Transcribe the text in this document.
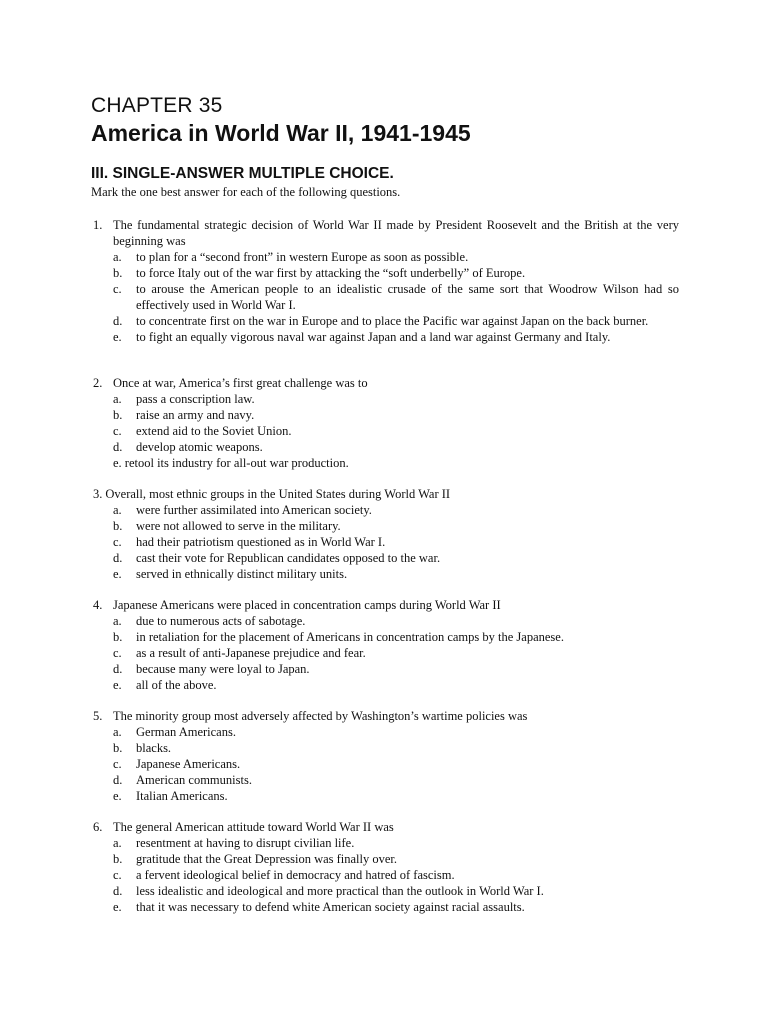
CHAPTER 35
America in World War II, 1941-1945
III. SINGLE-ANSWER MULTIPLE CHOICE.
Mark the one best answer for each of the following questions.
1. The fundamental strategic decision of World War II made by President Roosevelt and the British at the very beginning was
a. to plan for a “second front” in western Europe as soon as possible.
b. to force Italy out of the war first by attacking the “soft underbelly” of Europe.
c. to arouse the American people to an idealistic crusade of the same sort that Woodrow Wilson had so effectively used in World War I.
d. to concentrate first on the war in Europe and to place the Pacific war against Japan on the back burner.
e. to fight an equally vigorous naval war against Japan and a land war against Germany and Italy.
2. Once at war, America’s first great challenge was to
a. pass a conscription law.
b. raise an army and navy.
c. extend aid to the Soviet Union.
d. develop atomic weapons.
e. retool its industry for all-out war production.
3. Overall, most ethnic groups in the United States during World War II
a. were further assimilated into American society.
b. were not allowed to serve in the military.
c. had their patriotism questioned as in World War I.
d. cast their vote for Republican candidates opposed to the war.
e. served in ethnically distinct military units.
4. Japanese Americans were placed in concentration camps during World War II
a. due to numerous acts of sabotage.
b. in retaliation for the placement of Americans in concentration camps by the Japanese.
c. as a result of anti-Japanese prejudice and fear.
d. because many were loyal to Japan.
e. all of the above.
5. The minority group most adversely affected by Washington’s wartime policies was
a. German Americans.
b. blacks.
c. Japanese Americans.
d. American communists.
e. Italian Americans.
6. The general American attitude toward World War II was
a. resentment at having to disrupt civilian life.
b. gratitude that the Great Depression was finally over.
c. a fervent ideological belief in democracy and hatred of fascism.
d. less idealistic and ideological and more practical than the outlook in World War I.
e. that it was necessary to defend white American society against racial assaults.
